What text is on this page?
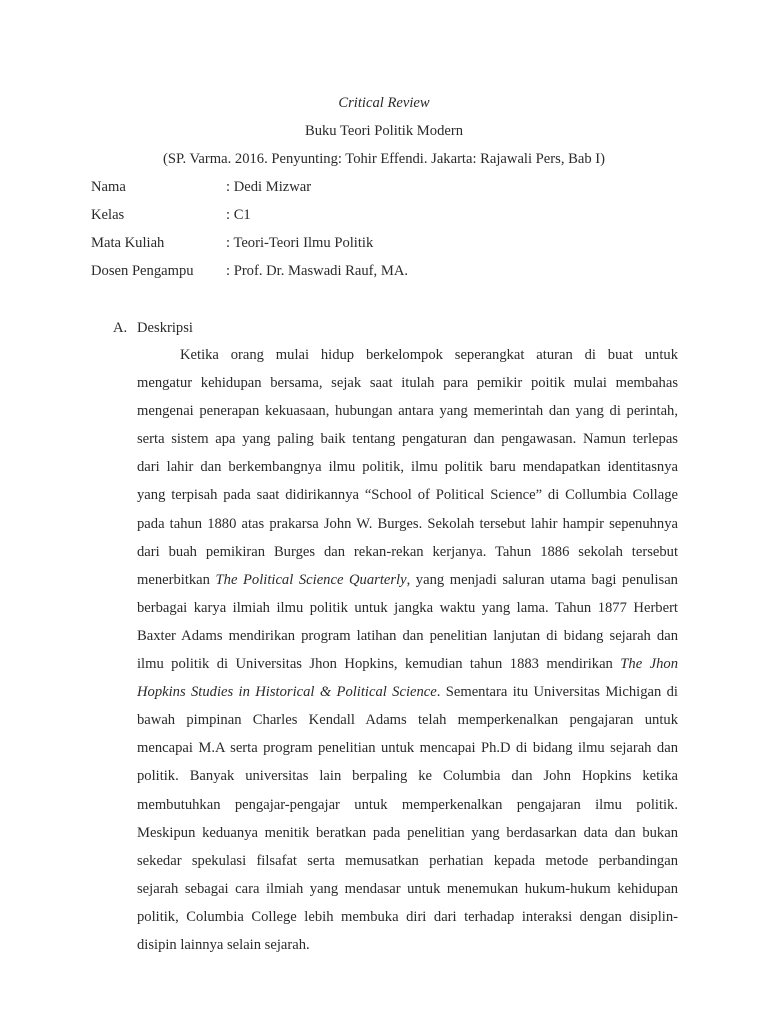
Critical Review
Buku Teori Politik Modern
(SP. Varma. 2016. Penyunting: Tohir Effendi. Jakarta: Rajawali Pers, Bab I)
Nama	: Dedi Mizwar
Kelas	: C1
Mata Kuliah	: Teori-Teori Ilmu Politik
Dosen Pengampu : Prof. Dr. Maswadi Rauf, MA.
A. Deskripsi
Ketika orang mulai hidup berkelompok seperangkat aturan di buat untuk
mengatur kehidupan bersama, sejak saat itulah para pemikir poitik mulai membahas
mengenai penerapan kekuasaan, hubungan antara yang memerintah dan yang di perintah,
serta sistem apa yang paling baik tentang pengaturan dan pengawasan. Namun terlepas
dari lahir dan berkembangnya ilmu politik, ilmu politik baru mendapatkan identitasnya
yang terpisah pada saat didirikannya “School of Political Science” di Collumbia Collage
pada tahun 1880 atas prakarsa John W. Burges. Sekolah tersebut lahir hampir sepenuhnya
dari buah pemikiran Burges dan rekan-rekan kerjanya. Tahun 1886 sekolah tersebut
menerbitkan The Political Science Quarterly, yang menjadi saluran utama bagi penulisan
berbagai karya ilmiah ilmu politik untuk jangka waktu yang lama. Tahun 1877 Herbert
Baxter Adams mendirikan program latihan dan penelitian lanjutan di bidang sejarah dan
ilmu politik di Universitas Jhon Hopkins, kemudian tahun 1883 mendirikan The Jhon
Hopkins Studies in Historical & Political Science. Sementara itu Universitas Michigan di
bawah pimpinan Charles Kendall Adams telah memperkenalkan pengajaran untuk
mencapai M.A serta program penelitian untuk mencapai Ph.D di bidang ilmu sejarah dan
politik. Banyak universitas lain berpaling ke Columbia dan John Hopkins ketika
membutuhkan pengajar-pengajar untuk memperkenalkan pengajaran ilmu politik.
Meskipun keduanya menitik beratkan pada penelitian yang berdasarkan data dan bukan
sekedar spekulasi filsafat serta memusatkan perhatian kepada metode perbandingan
sejarah sebagai cara ilmiah yang mendasar untuk menemukan hukum-hukum kehidupan
politik, Columbia College lebih membuka diri dari terhadap interaksi dengan disiplin-
disipin lainnya selain sejarah.
